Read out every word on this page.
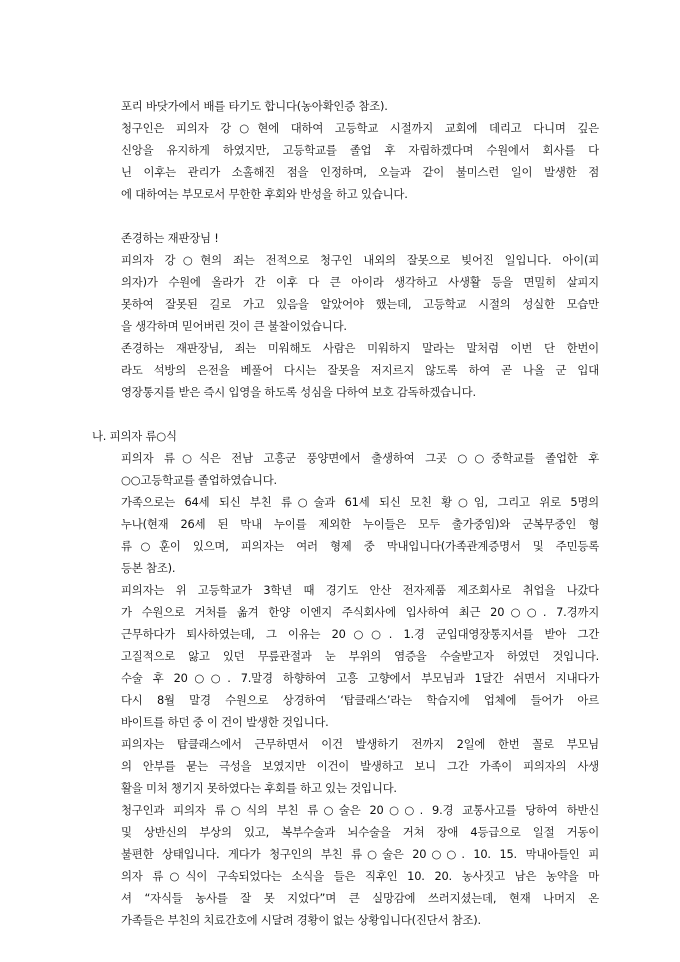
포리 바닷가에서 배를 타기도 합니다(농아확인증 참조).
청구인은 피의자 강○현에 대하여 고등학교 시절까지 교회에 데리고 다니며 깊은
신앙을 유지하게 하였지만, 고등학교를 졸업 후 자립하겠다며 수원에서 회사를 다
닌 이후는 관리가 소홀해진 점을 인정하며, 오늘과 같이 불미스런 일이 발생한 점
에 대하여는 부모로서 무한한 후회와 반성을 하고 있습니다.
존경하는 재판장님 !
피의자 강○현의 죄는 전적으로 청구인 내외의 잘못으로 빚어진 일입니다. 아이(피
의자)가 수원에 올라가 간 이후 다 큰 아이라 생각하고 사생활 등을 면밀히 살피지
못하여 잘못된 길로 가고 있음을 알았어야 했는데, 고등학교 시절의 성실한 모습만
을 생각하며 믿어버린 것이 큰 불찰이었습니다.
존경하는 재판장님, 죄는 미워해도 사람은 미워하지 말라는 말처럼 이번 단 한번이
라도 석방의 은전을 베풀어 다시는 잘못을 저지르지 않도록 하여 곧 나올 군 입대
영장통지를 받은 즉시 입영을 하도록 성심을 다하여 보호 감독하겠습니다.
나. 피의자 류○식
피의자 류○식은 전남 고흥군 풍양면에서 출생하여 그곳 ○○중학교를 졸업한 후
○○고등학교를 졸업하였습니다.
가족으로는 64세 되신 부친 류○술과 61세 되신 모친 황○임, 그리고 위로 5명의
누나(현재 26세 된 막내 누이를 제외한 누이들은 모두 출가중임)와 군복무중인 형
류○훈이 있으며, 피의자는 여러 형제 중 막내입니다(가족관계증명서 및 주민등록
등본 참조).
피의자는 위 고등학교가 3학년 때 경기도 안산 전자제품 제조회사로 취업을 나갔다
가 수원으로 거처를 옮겨 한양 이엔지 주식회사에 입사하여 최근 20○○. 7.경까지
근무하다가 퇴사하였는데, 그 이유는 20○○. 1.경 군입대영장통지서를 받아 그간
고질적으로 앓고 있던 무릎관절과 눈 부위의 염증을 수술받고자 하였던 것입니다.
수술 후 20○○. 7.말경 하향하여 고흥 고향에서 부모님과 1달간 쉬면서 지내다가
다시 8월 말경 수원으로 상경하여 ‘탑클래스’라는 학습지에 업체에 들어가 아르
바이트를 하던 중 이 건이 발생한 것입니다.
피의자는 탑클래스에서 근무하면서 이건 발생하기 전까지 2일에 한번 꼴로 부모님
의 안부를 묻는 극성을 보였지만 이건이 발생하고 보니 그간 가족이 피의자의 사생
활을 미처 챙기지 못하였다는 후회를 하고 있는 것입니다.
청구인과 피의자 류○식의 부친 류○술은 20○○. 9.경 교통사고를 당하여 하반신
및 상반신의 부상의 있고, 복부수술과 뇌수술을 거쳐 장애 4등급으로 일절 거동이
불편한 상태입니다. 게다가 청구인의 부친 류○술은 20○○. 10. 15. 막내아들인 피
의자 류○식이 구속되었다는 소식을 들은 직후인 10. 20. 농사짓고 남은 농약을 마
셔 “자식들 농사를 잘 못 지었다”며 큰 실망감에 쓰러지셨는데, 현재 나머지 온
가족들은 부친의 치료간호에 시달려 경황이 없는 상황입니다(진단서 참조).
